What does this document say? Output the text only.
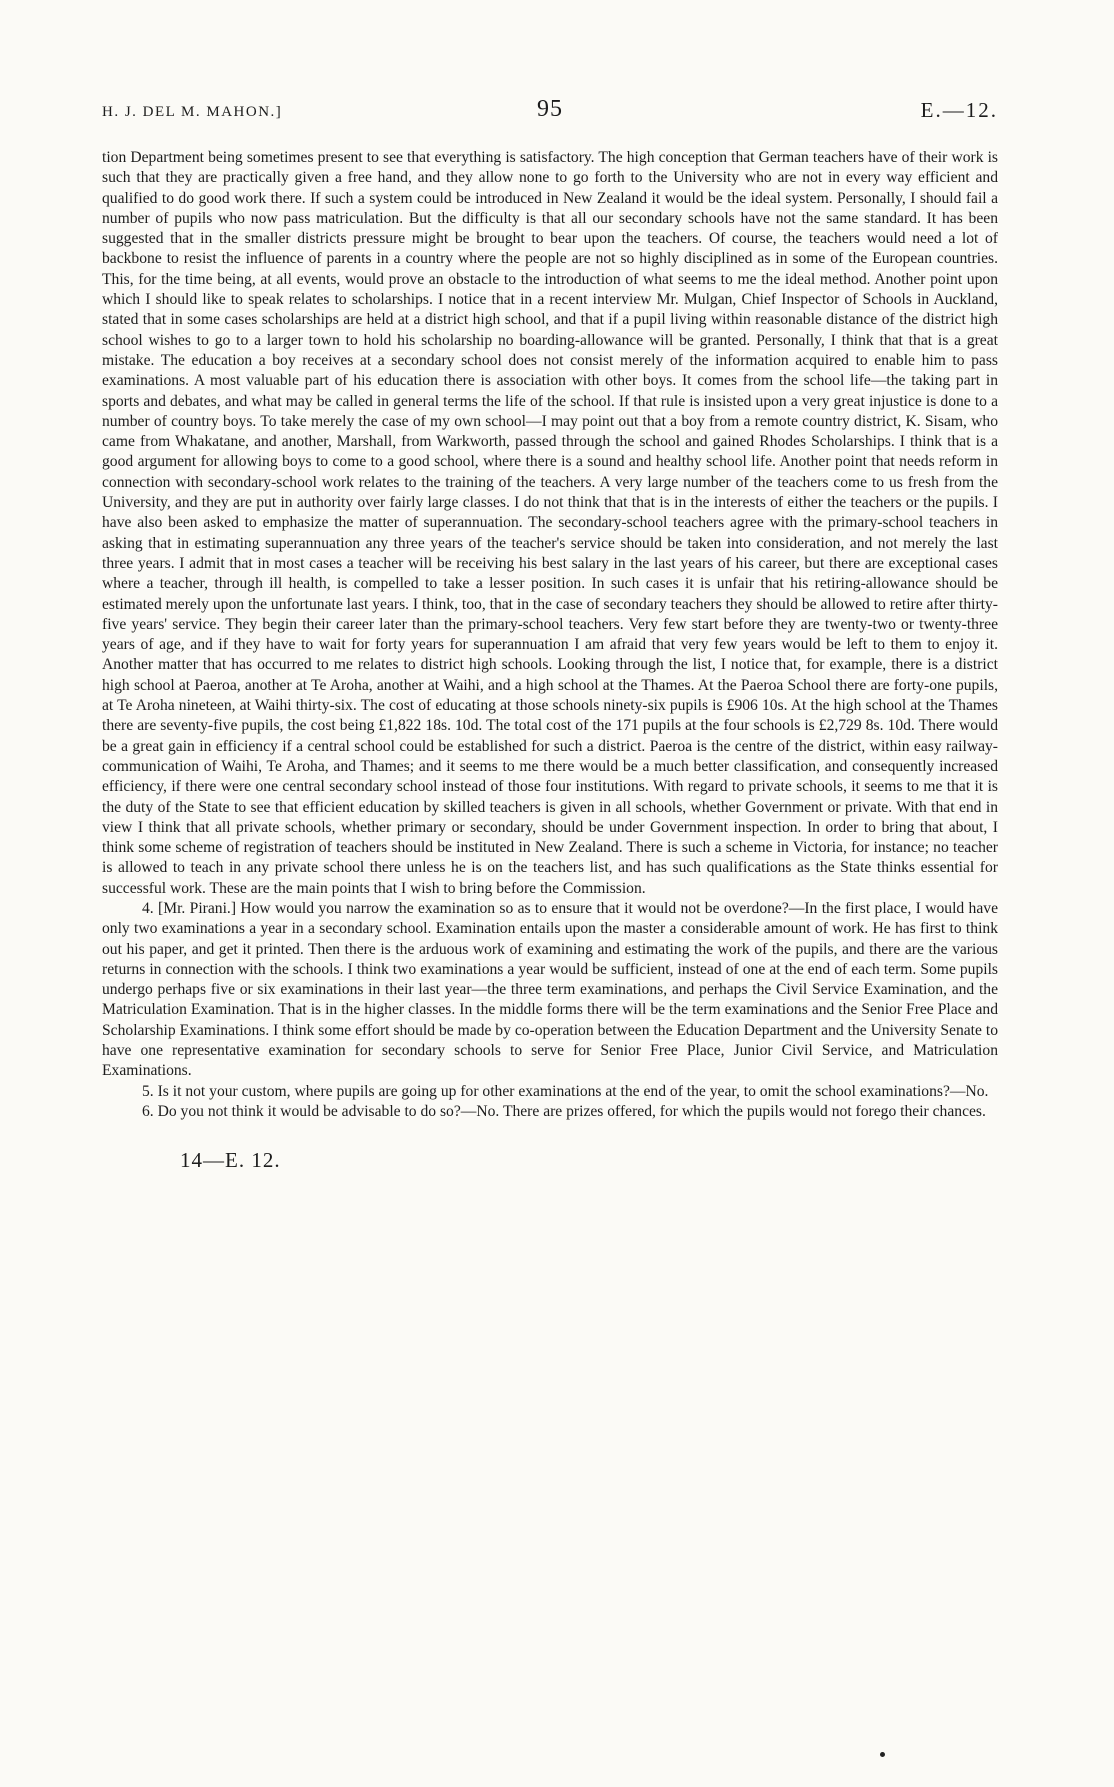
H. J. DEL M. MAHON.]	95	E.—12.

tion Department being sometimes present to see that everything is satisfactory. The high conception that German teachers have of their work is such that they are practically given a free hand, and they allow none to go forth to the University who are not in every way efficient and qualified to do good work there. If such a system could be introduced in New Zealand it would be the ideal system. Personally, I should fail a number of pupils who now pass matriculation. But the difficulty is that all our secondary schools have not the same standard. It has been suggested that in the smaller districts pressure might be brought to bear upon the teachers. Of course, the teachers would need a lot of backbone to resist the influence of parents in a country where the people are not so highly disciplined as in some of the European countries. This, for the time being, at all events, would prove an obstacle to the introduction of what seems to me the ideal method. Another point upon which I should like to speak relates to scholarships. I notice that in a recent interview Mr. Mulgan, Chief Inspector of Schools in Auckland, stated that in some cases scholarships are held at a district high school, and that if a pupil living within reasonable distance of the district high school wishes to go to a larger town to hold his scholarship no boarding-allowance will be granted. Personally, I think that that is a great mistake. The education a boy receives at a secondary school does not consist merely of the information acquired to enable him to pass examinations. A most valuable part of his education there is association with other boys. It comes from the school life—the taking part in sports and debates, and what may be called in general terms the life of the school. If that rule is insisted upon a very great injustice is done to a number of country boys. To take merely the case of my own school—I may point out that a boy from a remote country district, K. Sisam, who came from Whakatane, and another, Marshall, from Warkworth, passed through the school and gained Rhodes Scholarships. I think that is a good argument for allowing boys to come to a good school, where there is a sound and healthy school life. Another point that needs reform in connection with secondary-school work relates to the training of the teachers. A very large number of the teachers come to us fresh from the University, and they are put in authority over fairly large classes. I do not think that that is in the interests of either the teachers or the pupils. I have also been asked to emphasize the matter of superannuation. The secondary-school teachers agree with the primary-school teachers in asking that in estimating superannuation any three years of the teacher's service should be taken into consideration, and not merely the last three years. I admit that in most cases a teacher will be receiving his best salary in the last years of his career, but there are exceptional cases where a teacher, through ill health, is compelled to take a lesser position. In such cases it is unfair that his retiring-allowance should be estimated merely upon the unfortunate last years. I think, too, that in the case of secondary teachers they should be allowed to retire after thirty-five years' service. They begin their career later than the primary-school teachers. Very few start before they are twenty-two or twenty-three years of age, and if they have to wait for forty years for superannuation I am afraid that very few years would be left to them to enjoy it. Another matter that has occurred to me relates to district high schools. Looking through the list, I notice that, for example, there is a district high school at Paeroa, another at Te Aroha, another at Waihi, and a high school at the Thames. At the Paeroa School there are forty-one pupils, at Te Aroha nineteen, at Waihi thirty-six. The cost of educating at those schools ninety-six pupils is £906 10s. At the high school at the Thames there are seventy-five pupils, the cost being £1,822 18s. 10d. The total cost of the 171 pupils at the four schools is £2,729 8s. 10d. There would be a great gain in efficiency if a central school could be established for such a district. Paeroa is the centre of the district, within easy railway-communication of Waihi, Te Aroha, and Thames; and it seems to me there would be a much better classification, and consequently increased efficiency, if there were one central secondary school instead of those four institutions. With regard to private schools, it seems to me that it is the duty of the State to see that efficient education by skilled teachers is given in all schools, whether Government or private. With that end in view I think that all private schools, whether primary or secondary, should be under Government inspection. In order to bring that about, I think some scheme of registration of teachers should be instituted in New Zealand. There is such a scheme in Victoria, for instance; no teacher is allowed to teach in any private school there unless he is on the teachers list, and has such qualifications as the State thinks essential for successful work. These are the main points that I wish to bring before the Commission.

4. [Mr. Pirani.] How would you narrow the examination so as to ensure that it would not be overdone?—In the first place, I would have only two examinations a year in a secondary school. Examination entails upon the master a considerable amount of work. He has first to think out his paper, and get it printed. Then there is the arduous work of examining and estimating the work of the pupils, and there are the various returns in connection with the schools. I think two examinations a year would be sufficient, instead of one at the end of each term. Some pupils undergo perhaps five or six examinations in their last year—the three term examinations, and perhaps the Civil Service Examination, and the Matriculation Examination. That is in the higher classes. In the middle forms there will be the term examinations and the Senior Free Place and Scholarship Examinations. I think some effort should be made by co-operation between the Education Department and the University Senate to have one representative examination for secondary schools to serve for Senior Free Place, Junior Civil Service, and Matriculation Examinations.

5. Is it not your custom, where pupils are going up for other examinations at the end of the year, to omit the school examinations?—No.

6. Do you not think it would be advisable to do so?—No. There are prizes offered, for which the pupils would not forego their chances.

14—E. 12.
